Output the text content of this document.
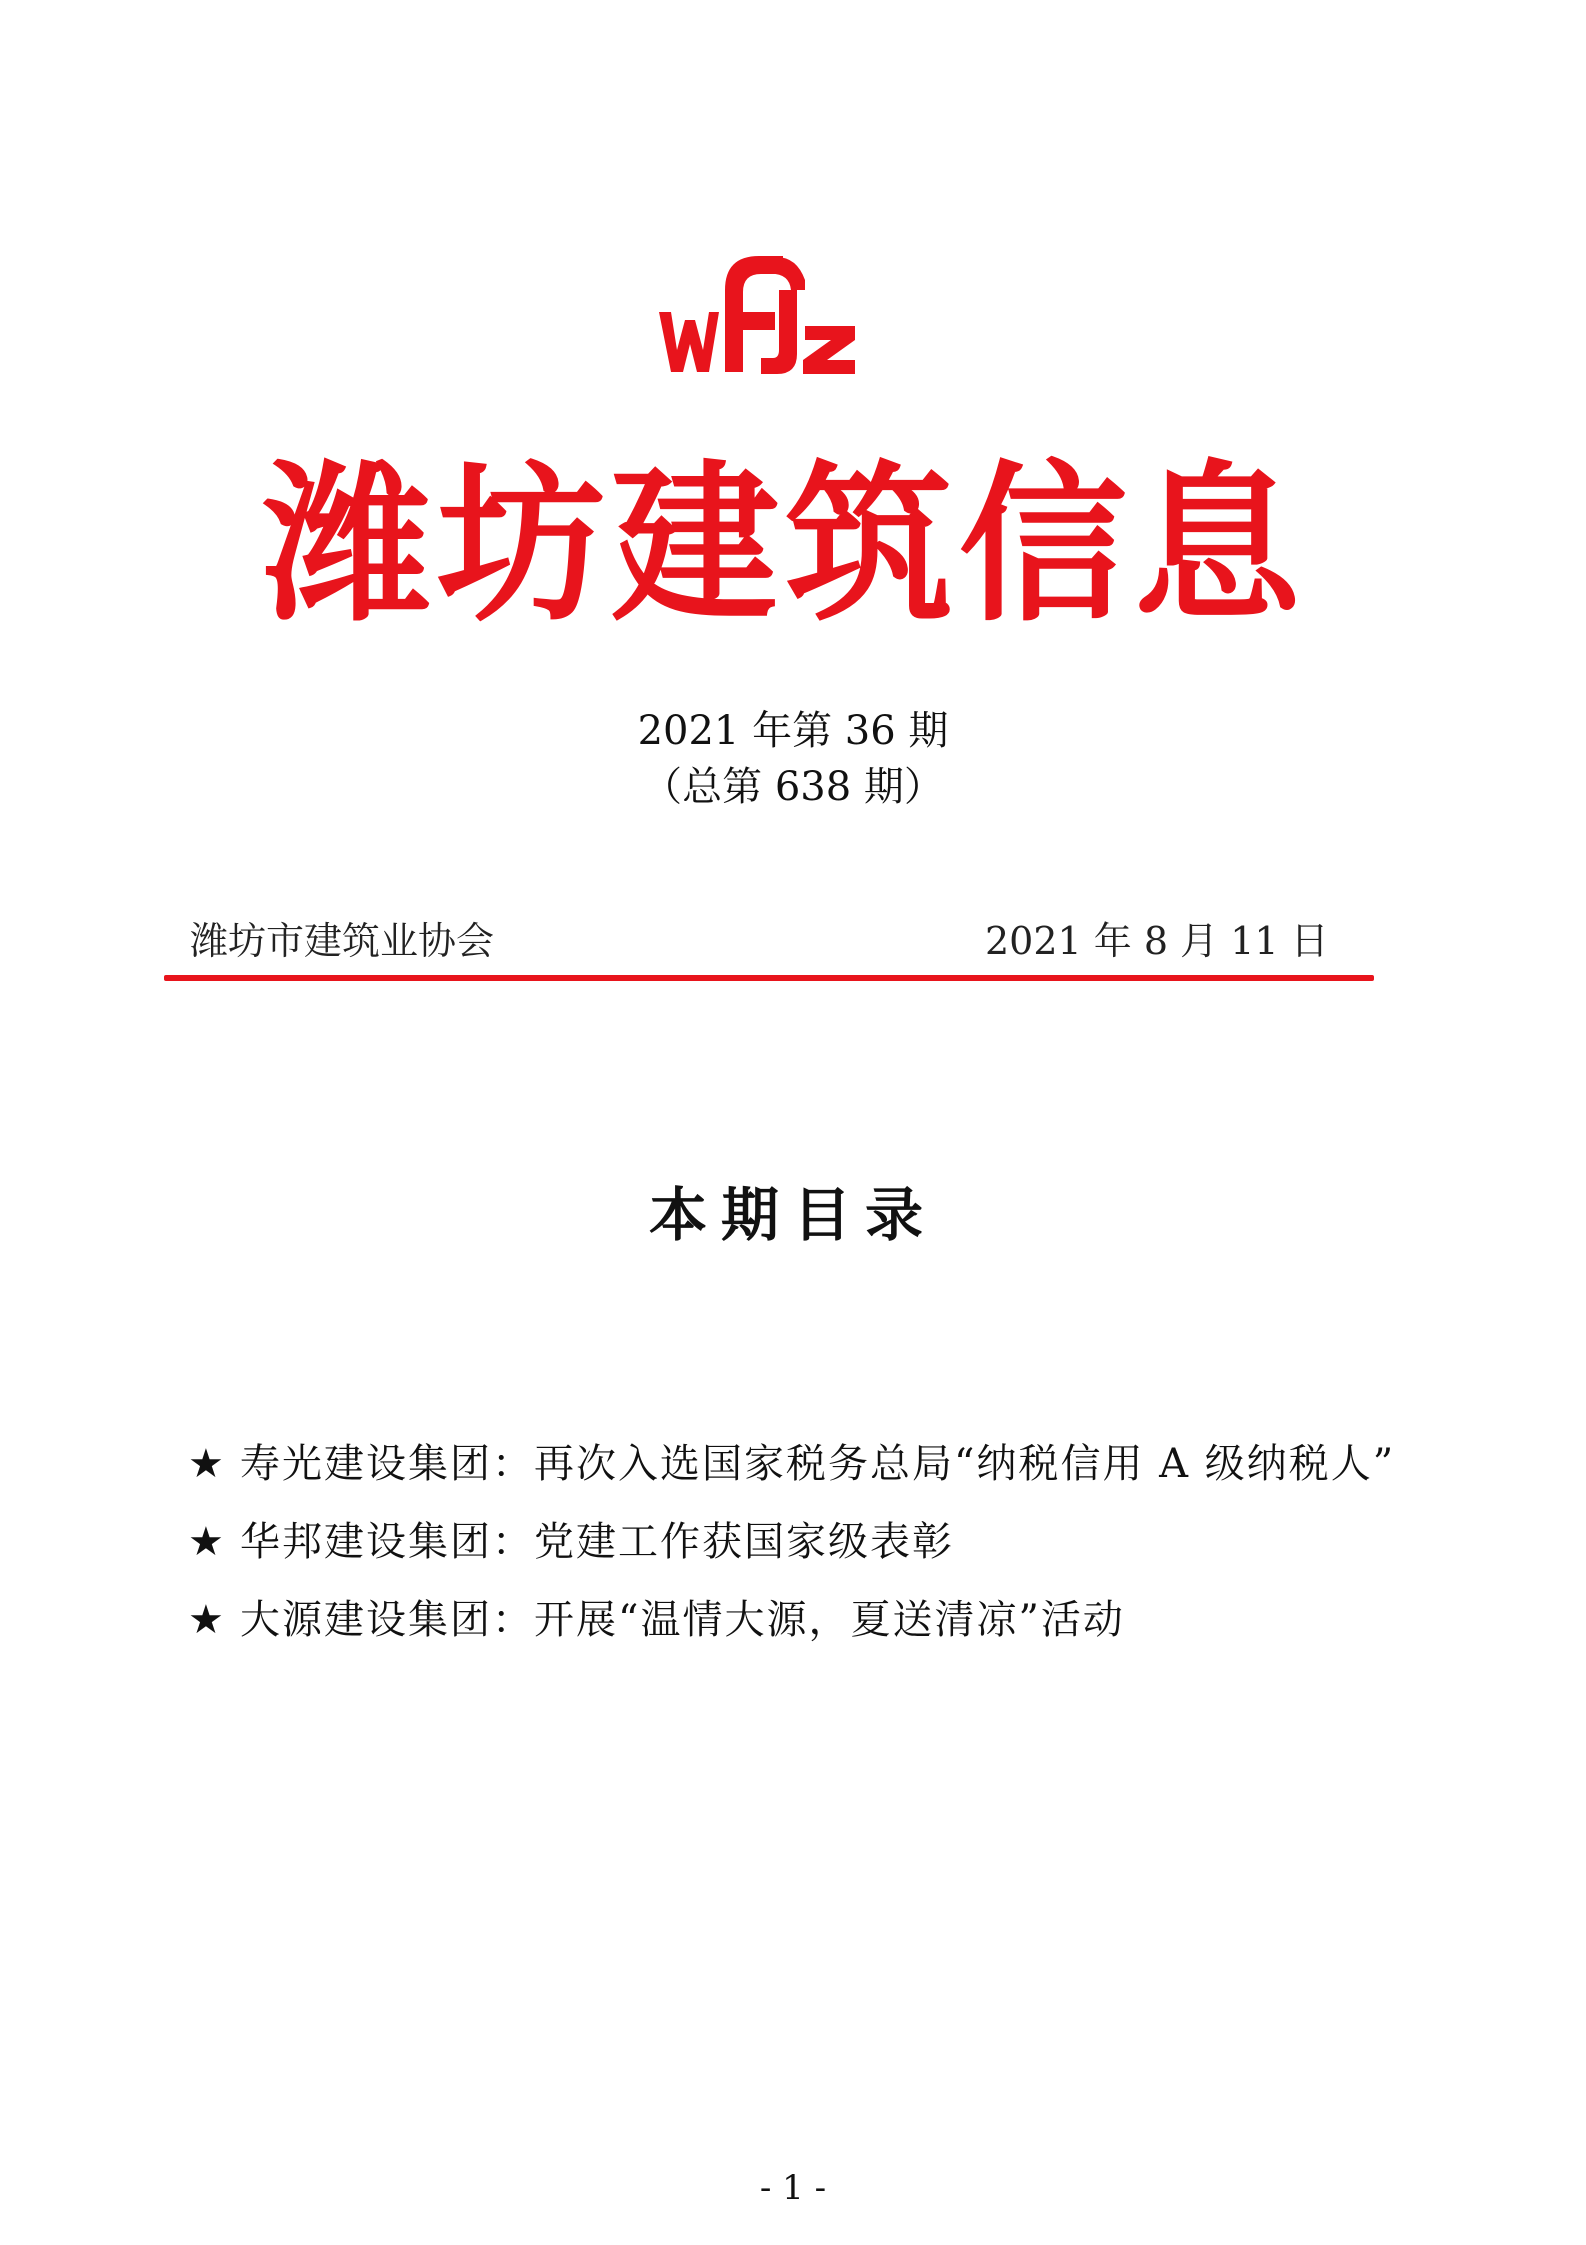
潍坊建筑信息
2021 年第 36 期
（总第 638 期）
潍坊市建筑业协会	2021 年 8 月 11 日
本期目录
★ 寿光建设集团：再次入选国家税务总局“纳税信用 A 级纳税人”
★ 华邦建设集团：党建工作获国家级表彰
★ 大源建设集团：开展“温情大源，夏送清凉”活动
- 1 -
